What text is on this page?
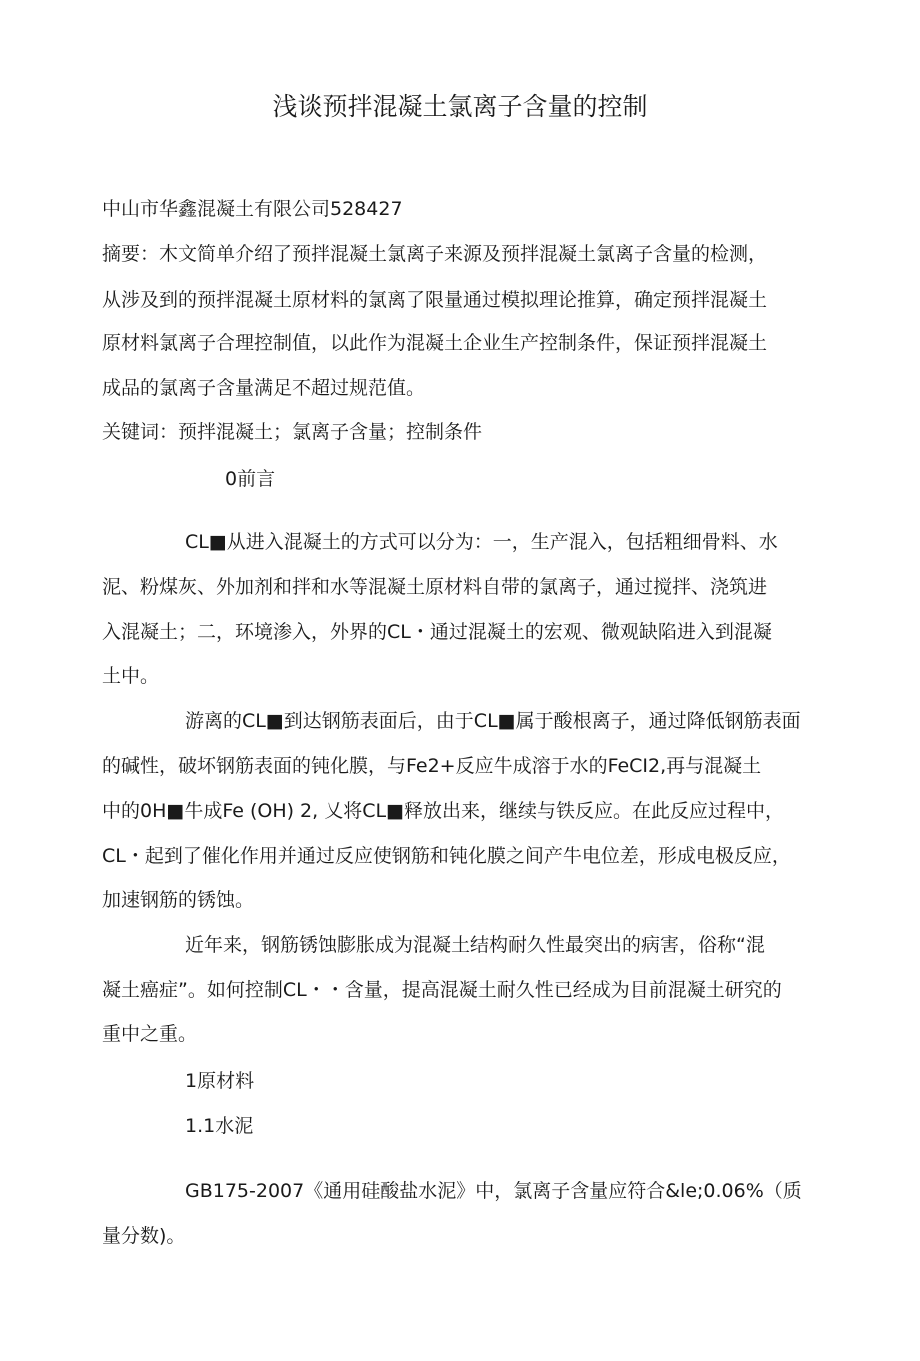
浅谈预拌混凝土氯离子含量的控制
中山市华鑫混凝土有限公司528427
摘要：木文简单介绍了预拌混凝土氯离子来源及预拌混凝土氯离子含量的检测，
从涉及到的预拌混凝土原材料的氯离了限量通过模拟理论推算，确定预拌混凝土
原材料氯离子合理控制值，以此作为混凝土企业生产控制条件，保证预拌混凝土
成品的氯离子含量满足不超过规范值。
关键词：预拌混凝土；氯离子含量；控制条件
0前言
CL■从进入混凝土的方式可以分为：一，生产混入，包括粗细骨料、水
泥、粉煤灰、外加剂和拌和水等混凝土原材料自带的氯离子，通过搅拌、浇筑进
入混凝土；二，环境渗入，外界的CL・通过混凝土的宏观、微观缺陷进入到混凝
土中。
游离的CL■到达钢筋表面后，由于CL■属于酸根离子，通过降低钢筋表面
的碱性，破坏钢筋表面的钝化膜，与Fe2+反应牛成溶于水的FeCI2,再与混凝土
中的0H■牛成Fe (OH) 2, 乂将CL■释放出来，继续与铁反应。在此反应过程中，
CL・起到了催化作用并通过反应使钢筋和钝化膜之间产牛电位差，形成电极反应，
加速钢筋的锈蚀。
近年来，钢筋锈蚀膨胀成为混凝土结构耐久性最突出的病害，俗称“混
凝土癌症”。如何控制CL・・含量，提高混凝土耐久性已经成为目前混凝土研究的
重中之重。
1原材料
1.1水泥
GB175-2007《通用硅酸盐水泥》中，氯离子含量应符合&le;0.06%（质
量分数)。
